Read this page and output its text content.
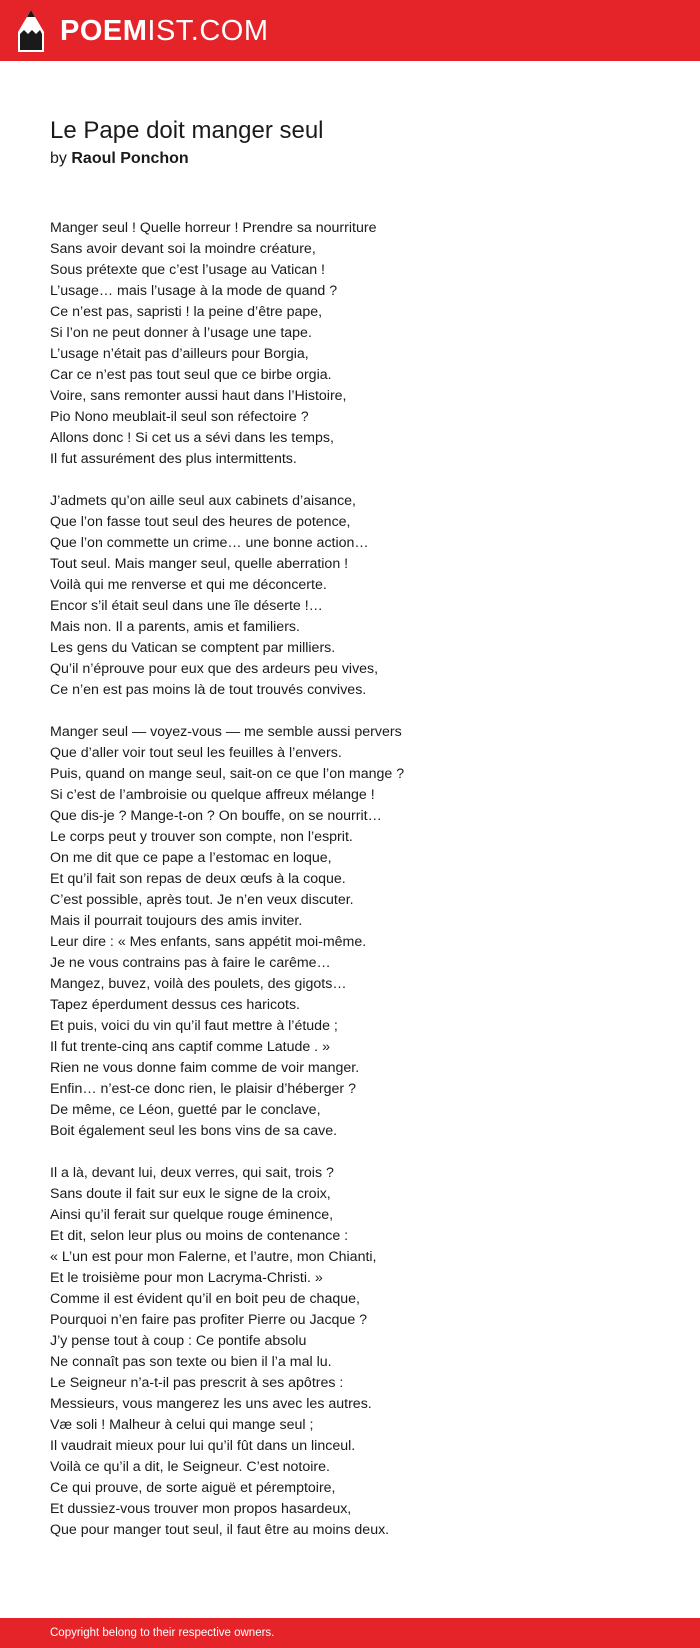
POEMIST.COM
Le Pape doit manger seul
by Raoul Ponchon
Manger seul ! Quelle horreur ! Prendre sa nourriture
Sans avoir devant soi la moindre créature,
Sous prétexte que c’est l’usage au Vatican !
L’usage… mais l’usage à la mode de quand ?
Ce n’est pas, sapristi ! la peine d’être pape,
Si l’on ne peut donner à l’usage une tape.
L’usage n’était pas d’ailleurs pour Borgia,
Car ce n’est pas tout seul que ce birbe orgia.
Voire, sans remonter aussi haut dans l’Histoire,
Pio Nono meublait-il seul son réfectoire ?
Allons donc ! Si cet us a sévi dans les temps,
Il fut assurément des plus intermittents.
J’admets qu’on aille seul aux cabinets d’aisance,
Que l’on fasse tout seul des heures de potence,
Que l’on commette un crime… une bonne action…
Tout seul. Mais manger seul, quelle aberration !
Voilà qui me renverse et qui me déconcerte.
Encor s’il était seul dans une île déserte !…
Mais non. Il a parents, amis et familiers.
Les gens du Vatican se comptent par milliers.
Qu’il n’éprouve pour eux que des ardeurs peu vives,
Ce n’en est pas moins là de tout trouvés convives.
Manger seul — voyez-vous — me semble aussi pervers
Que d’aller voir tout seul les feuilles à l’envers.
Puis, quand on mange seul, sait-on ce que l’on mange ?
Si c’est de l’ambroisie ou quelque affreux mélange !
Que dis-je ? Mange-t-on ? On bouffe, on se nourrit…
Le corps peut y trouver son compte, non l’esprit.
On me dit que ce pape a l’estomac en loque,
Et qu’il fait son repas de deux œufs à la coque.
C’est possible, après tout. Je n’en veux discuter.
Mais il pourrait toujours des amis inviter.
Leur dire : « Mes enfants, sans appétit moi-même.
Je ne vous contrains pas à faire le carême…
Mangez, buvez, voilà des poulets, des gigots…
Tapez éperdument dessus ces haricots.
Et puis, voici du vin qu’il faut mettre à l’étude ;
Il fut trente-cinq ans captif comme Latude . »
Rien ne vous donne faim comme de voir manger.
Enfin… n’est-ce donc rien, le plaisir d’héberger ?
De même, ce Léon, guetté par le conclave,
Boit également seul les bons vins de sa cave.
Il a là, devant lui, deux verres, qui sait, trois ?
Sans doute il fait sur eux le signe de la croix,
Ainsi qu’il ferait sur quelque rouge éminence,
Et dit, selon leur plus ou moins de contenance :
« L’un est pour mon Falerne, et l’autre, mon Chianti,
Et le troisième pour mon Lacryma-Christi. »
Comme il est évident qu’il en boit peu de chaque,
Pourquoi n’en faire pas profiter Pierre ou Jacque ?
J’y pense tout à coup : Ce pontife absolu
Ne connaît pas son texte ou bien il l’a mal lu.
Le Seigneur n’a-t-il pas prescrit à ses apôtres :
Messieurs, vous mangerez les uns avec les autres.
Væ soli ! Malheur à celui qui mange seul ;
Il vaudrait mieux pour lui qu’il fût dans un linceul.
Voilà ce qu’il a dit, le Seigneur. C’est notoire.
Ce qui prouve, de sorte aiguë et péremptoire,
Et dussiez-vous trouver mon propos hasardeux,
Que pour manger tout seul, il faut être au moins deux.
Copyright belong to their respective owners.
